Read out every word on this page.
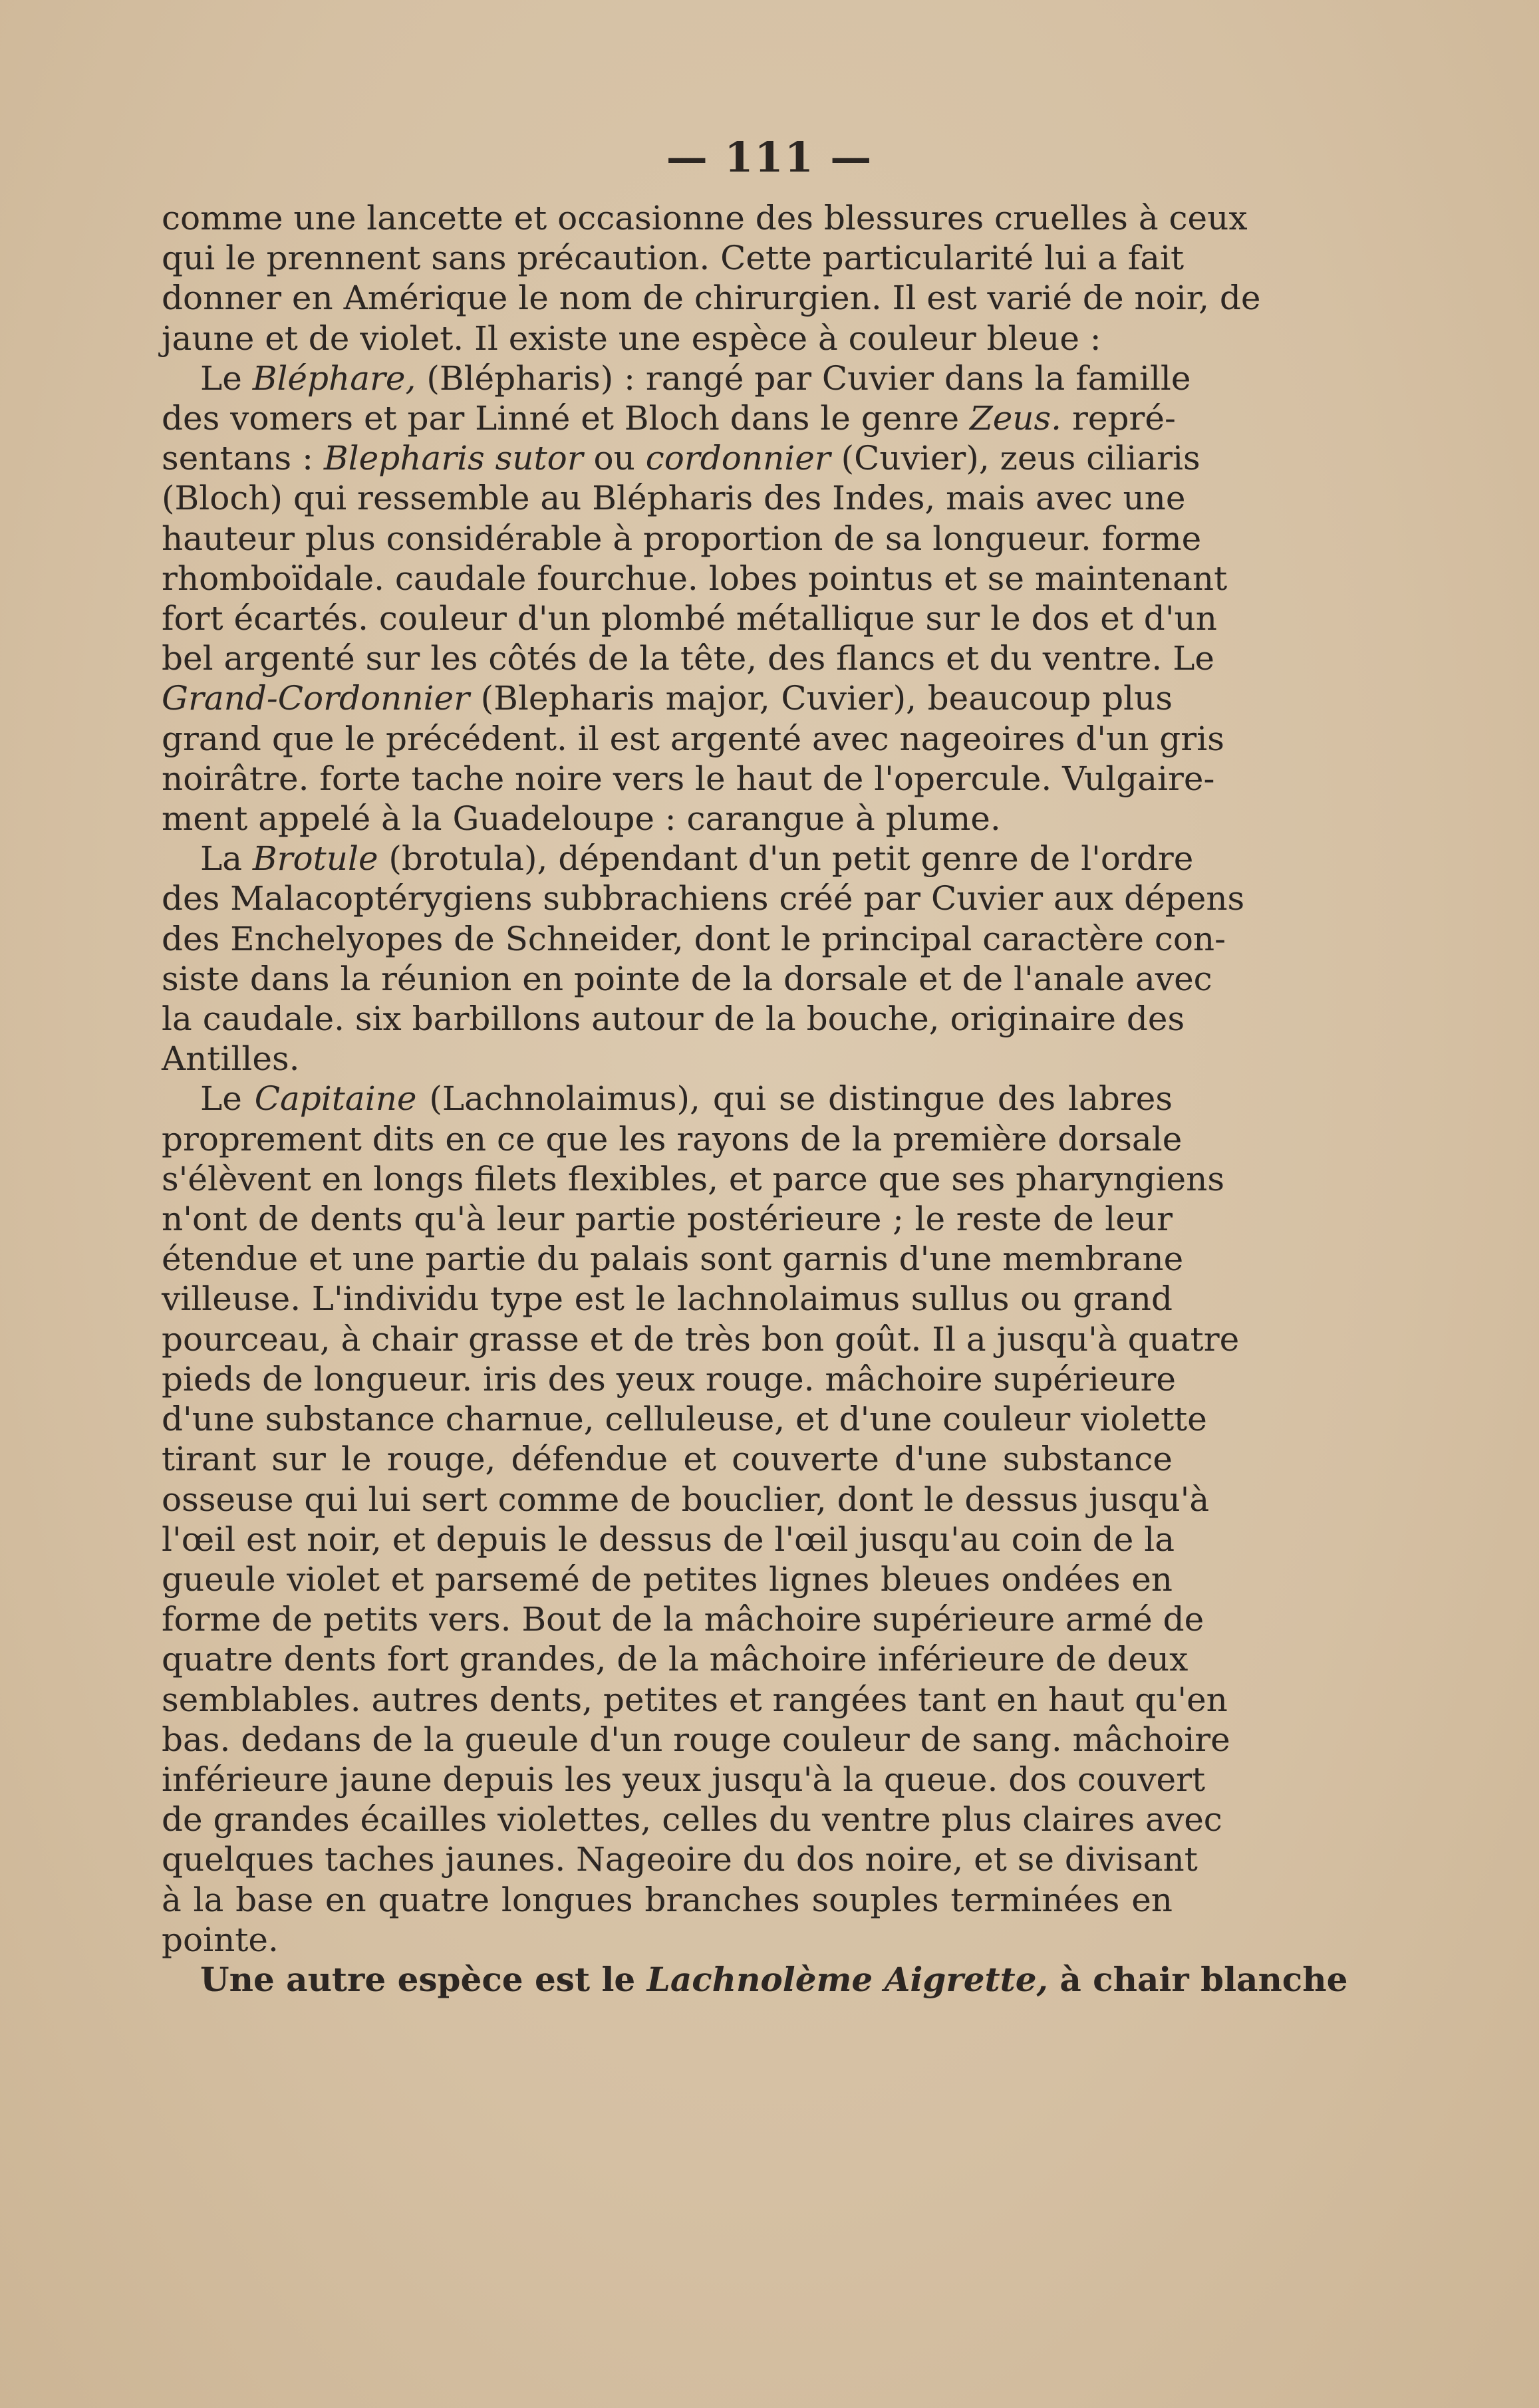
— 111 —
comme une lancette et occasionne des blessures cruelles à ceux
qui le prennent sans précaution. Cette particularité lui a fait
donner en Amérique le nom de chirurgien. Il est varié de noir, de
jaune et de violet. Il existe une espèce à couleur bleue :
Le Bléphare, (Blépharis) : rangé par Cuvier dans la famille
des vomers et par Linné et Bloch dans le genre Zeus. repré-
sentans : Blepharis sutor ou cordonnier (Cuvier), zeus ciliaris
(Bloch) qui ressemble au Blépharis des Indes, mais avec une
hauteur plus considérable à proportion de sa longueur. forme
rhomboïdale. caudale fourchue. lobes pointus et se maintenant
fort écartés. couleur d'un plombé métallique sur le dos et d'un
bel argenté sur les côtés de la tête, des flancs et du ventre. Le
Grand-Cordonnier (Blepharis major, Cuvier), beaucoup plus
grand que le précédent. il est argenté avec nageoires d'un gris
noirâtre. forte tache noire vers le haut de l'opercule. Vulgaire-
ment appelé à la Guadeloupe : carangue à plume.
La Brotule (brotula), dépendant d'un petit genre de l'ordre
des Malacoptérygiens subbrachiens créé par Cuvier aux dépens
des Enchelyopes de Schneider, dont le principal caractère con-
siste dans la réunion en pointe de la dorsale et de l'anale avec
la caudale. six barbillons autour de la bouche, originaire des
Antilles.
Le Capitaine (Lachnolaimus), qui se distingue des labres
proprement dits en ce que les rayons de la première dorsale
s'élèvent en longs filets flexibles, et parce que ses pharyngiens
n'ont de dents qu'à leur partie postérieure ; le reste de leur
étendue et une partie du palais sont garnis d'une membrane
villeuse. L'individu type est le lachnolaimus sullus ou grand
pourceau, à chair grasse et de très bon goût. Il a jusqu'à quatre
pieds de longueur. iris des yeux rouge. mâchoire supérieure
d'une substance charnue, celluleuse, et d'une couleur violette
tirant sur le rouge, défendue et couverte d'une substance
osseuse qui lui sert comme de bouclier, dont le dessus jusqu'à
l'œil est noir, et depuis le dessus de l'œil jusqu'au coin de la
gueule violet et parsemé de petites lignes bleues ondées en
forme de petits vers. Bout de la mâchoire supérieure armé de
quatre dents fort grandes, de la mâchoire inférieure de deux
semblables. autres dents, petites et rangées tant en haut qu'en
bas. dedans de la gueule d'un rouge couleur de sang. mâchoire
inférieure jaune depuis les yeux jusqu'à la queue. dos couvert
de grandes écailles violettes, celles du ventre plus claires avec
quelques taches jaunes. Nageoire du dos noire, et se divisant
à la base en quatre longues branches souples terminées en
pointe.
Une autre espèce est le Lachnolème Aigrette, à chair blanche
